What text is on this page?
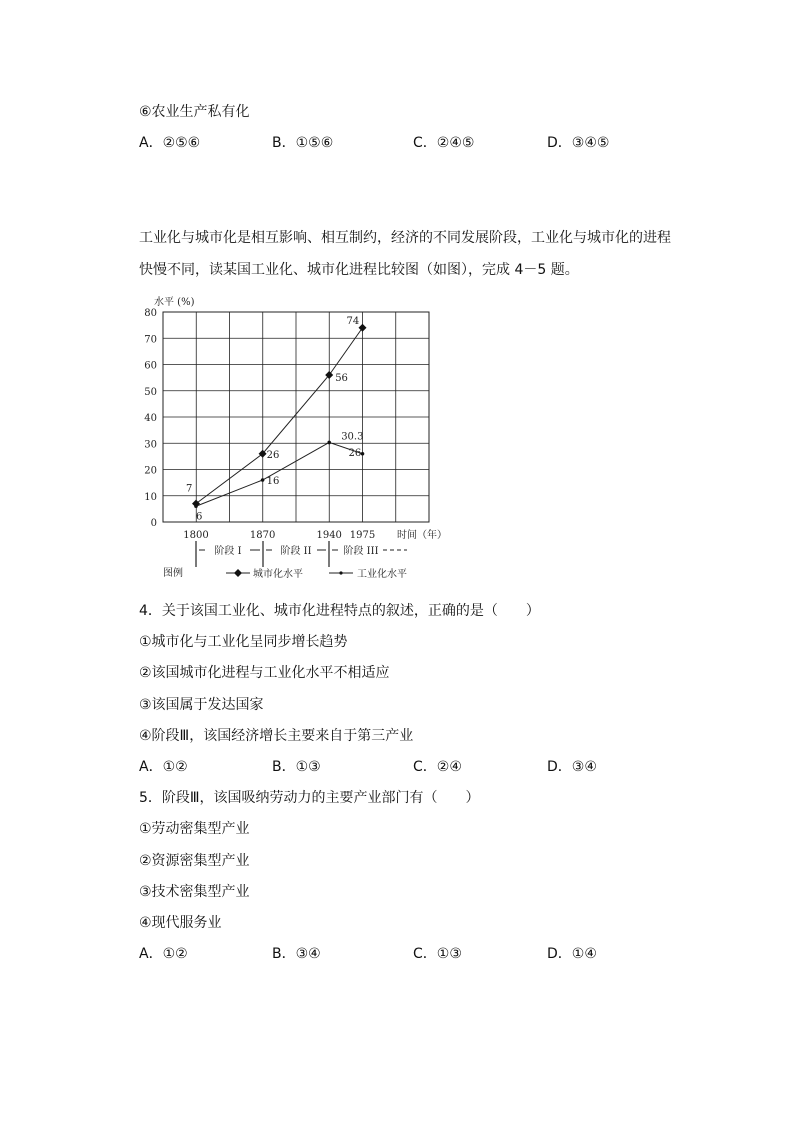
⑥农业生产私有化
A．②⑤⑥	B．①⑤⑥	C．②④⑤	D．③④⑤
工业化与城市化是相互影响、相互制约，经济的不同发展阶段，工业化与城市化的进程
快慢不同，读某国工业化、城市化进程比较图（如图），完成 4－5 题。
水平 (%)
0
10
20
30
40
50
60
70
80
1800	1870	1940 1975 时间（年）
7
26
56
74
6
16
30.3
26
阶段 I	阶段 II	阶段 III
图例	城市化水平	工业化水平
4．关于该国工业化、城市化进程特点的叙述，正确的是（　　）
①城市化与工业化呈同步增长趋势
②该国城市化进程与工业化水平不相适应
③该国属于发达国家
④阶段Ⅲ，该国经济增长主要来自于第三产业
A．①②	B．①③	C．②④	D．③④
5．阶段Ⅲ，该国吸纳劳动力的主要产业部门有（　　）
①劳动密集型产业
②资源密集型产业
③技术密集型产业
④现代服务业
A．①②	B．③④	C．①③	D．①④
